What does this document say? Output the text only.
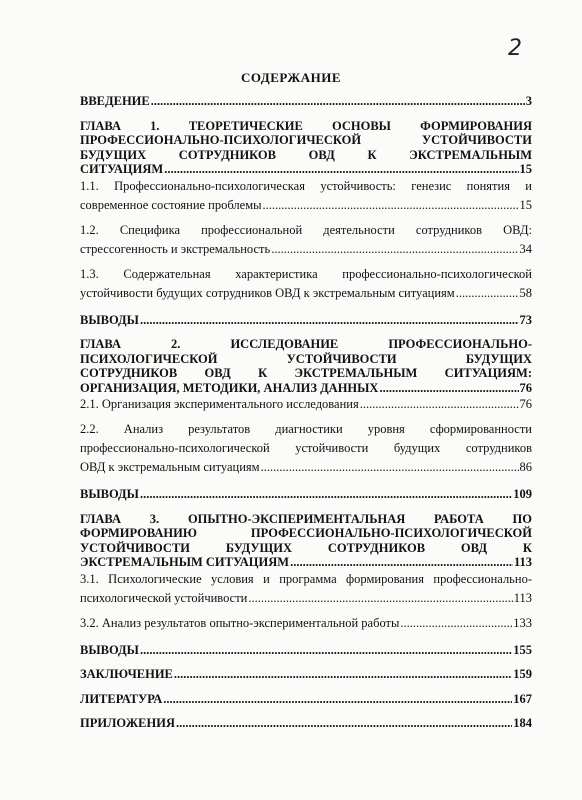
2
СОДЕРЖАНИЕ
ВВЕДЕНИЕ .....	3
ГЛАВА 1. ТЕОРЕТИЧЕСКИЕ ОСНОВЫ ФОРМИРОВАНИЯ
ПРОФЕССИОНАЛЬНО-ПСИХОЛОГИЧЕСКОЙ УСТОЙЧИВОСТИ
БУДУЩИХ СОТРУДНИКОВ ОВД К ЭКСТРЕМАЛЬНЫМ
СИТУАЦИЯМ .....	15
1.1. Профессионально-психологическая устойчивость: генезис понятия и
современное состояние проблемы .....	15
1.2. Специфика профессиональной деятельности сотрудников ОВД:
стрессогенность и экстремальность .....	34
1.3. Содержательная характеристика профессионально-психологической
устойчивости будущих сотрудников ОВД к экстремальным ситуациям .....	58
ВЫВОДЫ .....	73
ГЛАВА 2. ИССЛЕДОВАНИЕ ПРОФЕССИОНАЛЬНО-
ПСИХОЛОГИЧЕСКОЙ УСТОЙЧИВОСТИ БУДУЩИХ
СОТРУДНИКОВ ОВД К ЭКСТРЕМАЛЬНЫМ СИТУАЦИЯМ:
ОРГАНИЗАЦИЯ, МЕТОДИКИ, АНАЛИЗ ДАННЫХ .....	76
2.1. Организация экспериментального исследования .....	76
2.2. Анализ результатов диагностики уровня сформированности
профессионально-психологической устойчивости будущих сотрудников
ОВД к экстремальным ситуациям .....	86
ВЫВОДЫ .....	109
ГЛАВА 3. ОПЫТНО-ЭКСПЕРИМЕНТАЛЬНАЯ РАБОТА ПО
ФОРМИРОВАНИЮ ПРОФЕССИОНАЛЬНО-ПСИХОЛОГИЧЕСКОЙ
УСТОЙЧИВОСТИ БУДУЩИХ СОТРУДНИКОВ ОВД К
ЭКСТРЕМАЛЬНЫМ СИТУАЦИЯМ .....	113
3.1. Психологические условия и программа формирования профессионально-
психологической устойчивости .....	113
3.2. Анализ результатов опытно-экспериментальной работы .....	133
ВЫВОДЫ .....	155
ЗАКЛЮЧЕНИЕ .....	159
ЛИТЕРАТУРА .....	167
ПРИЛОЖЕНИЯ .....	184
